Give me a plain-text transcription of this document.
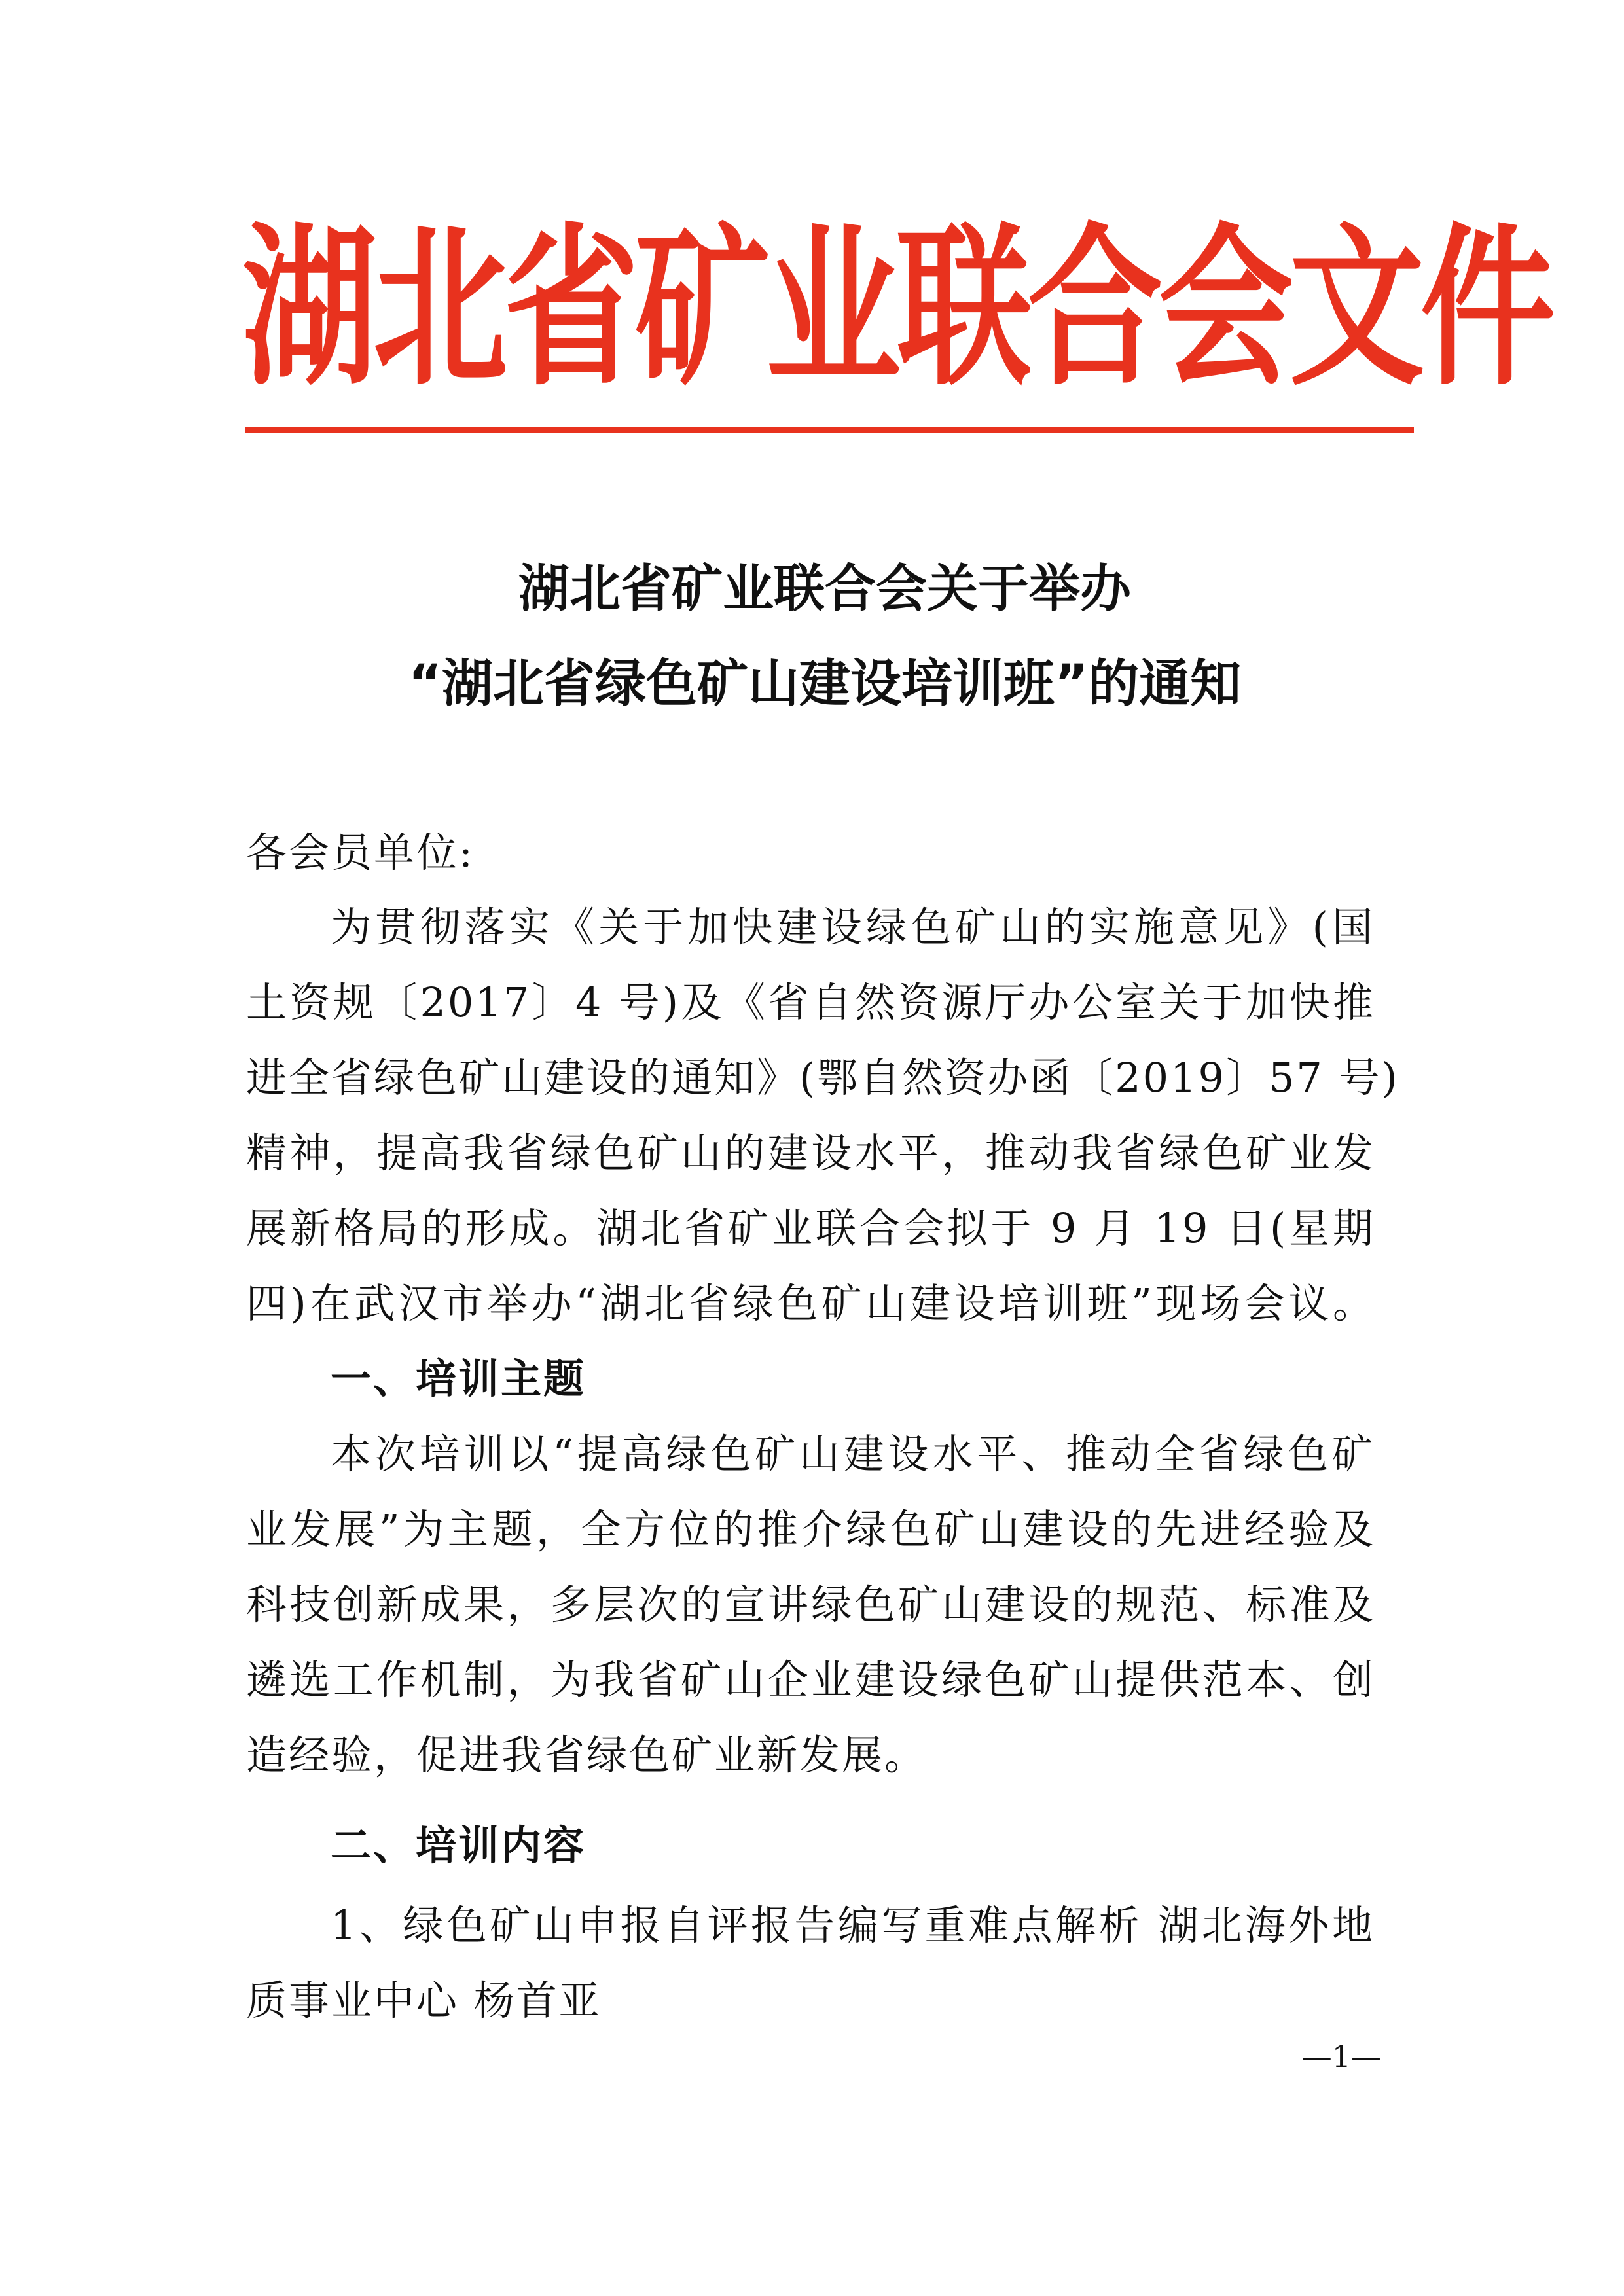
湖北省矿业联合会文件
湖北省矿业联合会关于举办
“湖北省绿色矿山建设培训班”的通知
各会员单位:
为贯彻落实《关于加快建设绿色矿山的实施意见》(国
土资规〔2017〕4 号)及《省自然资源厅办公室关于加快推
进全省绿色矿山建设的通知》(鄂自然资办函〔2019〕57 号)
精神，提高我省绿色矿山的建设水平，推动我省绿色矿业发
展新格局的形成。湖北省矿业联合会拟于 9 月 19 日(星期
四)在武汉市举办“湖北省绿色矿山建设培训班”现场会议。
一、培训主题
本次培训以“提高绿色矿山建设水平、推动全省绿色矿
业发展”为主题，全方位的推介绿色矿山建设的先进经验及
科技创新成果，多层次的宣讲绿色矿山建设的规范、标准及
遴选工作机制，为我省矿山企业建设绿色矿山提供范本、创
造经验，促进我省绿色矿业新发展。
二、培训内容
1、绿色矿山申报自评报告编写重难点解析 湖北海外地
质事业中心 杨首亚
—1—
